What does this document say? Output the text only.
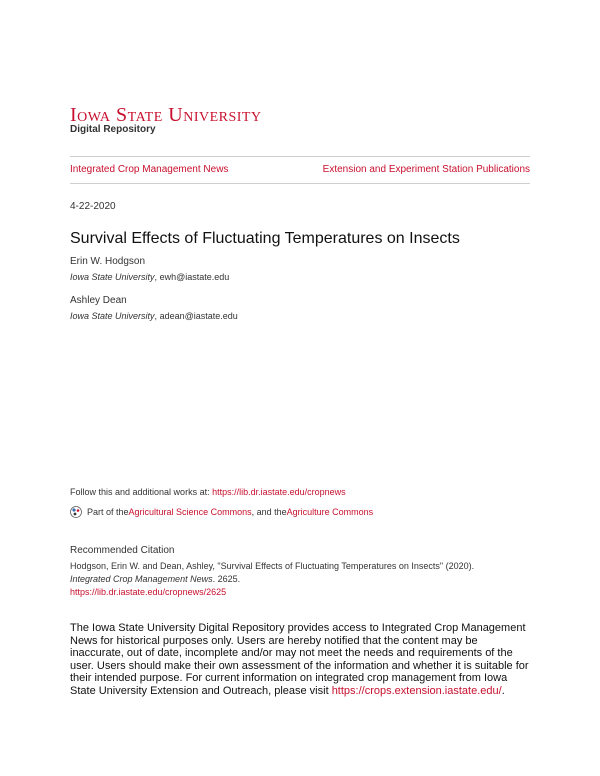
Iowa State University
Digital Repository
Integrated Crop Management News	Extension and Experiment Station Publications
4-22-2020
Survival Effects of Fluctuating Temperatures on Insects
Erin W. Hodgson
Iowa State University, ewh@iastate.edu
Ashley Dean
Iowa State University, adean@iastate.edu
Follow this and additional works at: https://lib.dr.iastate.edu/cropnews
Part of the Agricultural Science Commons , and the Agriculture Commons
Recommended Citation
Hodgson, Erin W. and Dean, Ashley, "Survival Effects of Fluctuating Temperatures on Insects" (2020).
Integrated Crop Management News. 2625.
https://lib.dr.iastate.edu/cropnews/2625
The Iowa State University Digital Repository provides access to Integrated Crop Management News for historical purposes only. Users are hereby notified that the content may be inaccurate, out of date, incomplete and/or may not meet the needs and requirements of the user. Users should make their own assessment of the information and whether it is suitable for their intended purpose. For current information on integrated crop management from Iowa State University Extension and Outreach, please visit https://crops.extension.iastate.edu/.
